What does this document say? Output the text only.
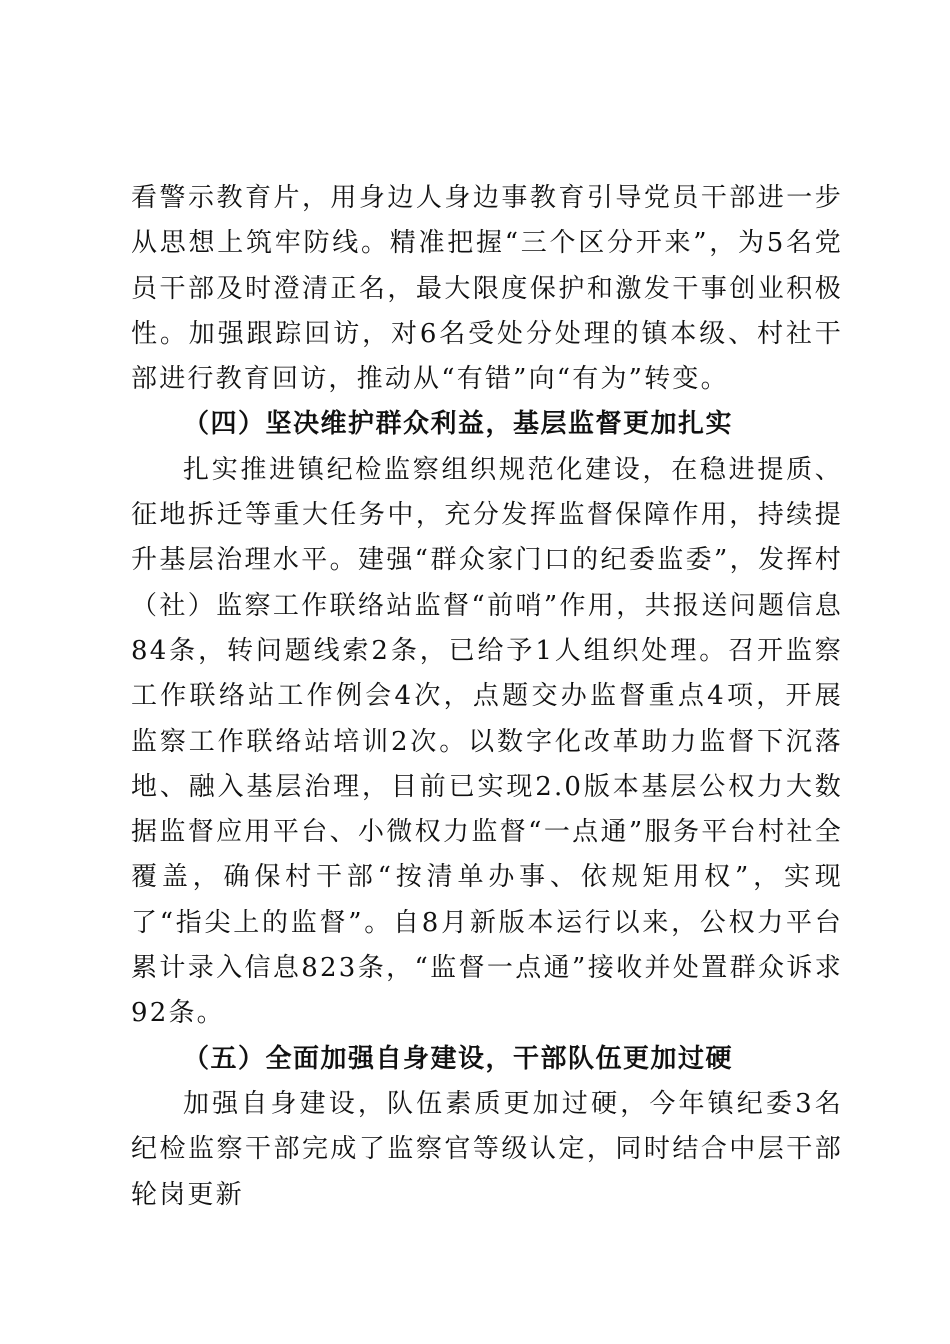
看警示教育片，用身边人身边事教育引导党员干部进一步从思想上筑牢防线。精准把握“三个区分开来”，为5名党员干部及时澄清正名，最大限度保护和激发干事创业积极性。加强跟踪回访，对6名受处分处理的镇本级、村社干部进行教育回访，推动从“有错”向“有为”转变。

（四）坚决维护群众利益，基层监督更加扎实

扎实推进镇纪检监察组织规范化建设，在稳进提质、征地拆迁等重大任务中，充分发挥监督保障作用，持续提升基层治理水平。建强“群众家门口的纪委监委”，发挥村（社）监察工作联络站监督“前哨”作用，共报送问题信息84条，转问题线索2条，已给予1人组织处理。召开监察工作联络站工作例会4次，点题交办监督重点4项，开展监察工作联络站培训2次。以数字化改革助力监督下沉落地、融入基层治理，目前已实现2.0版本基层公权力大数据监督应用平台、小微权力监督“一点通”服务平台村社全覆盖，确保村干部“按清单办事、依规矩用权”，实现了“指尖上的监督”。自8月新版本运行以来，公权力平台累计录入信息823条，“监督一点通”接收并处置群众诉求92条。

（五）全面加强自身建设，干部队伍更加过硬

加强自身建设，队伍素质更加过硬，今年镇纪委3名纪检监察干部完成了监察官等级认定，同时结合中层干部轮岗更新
